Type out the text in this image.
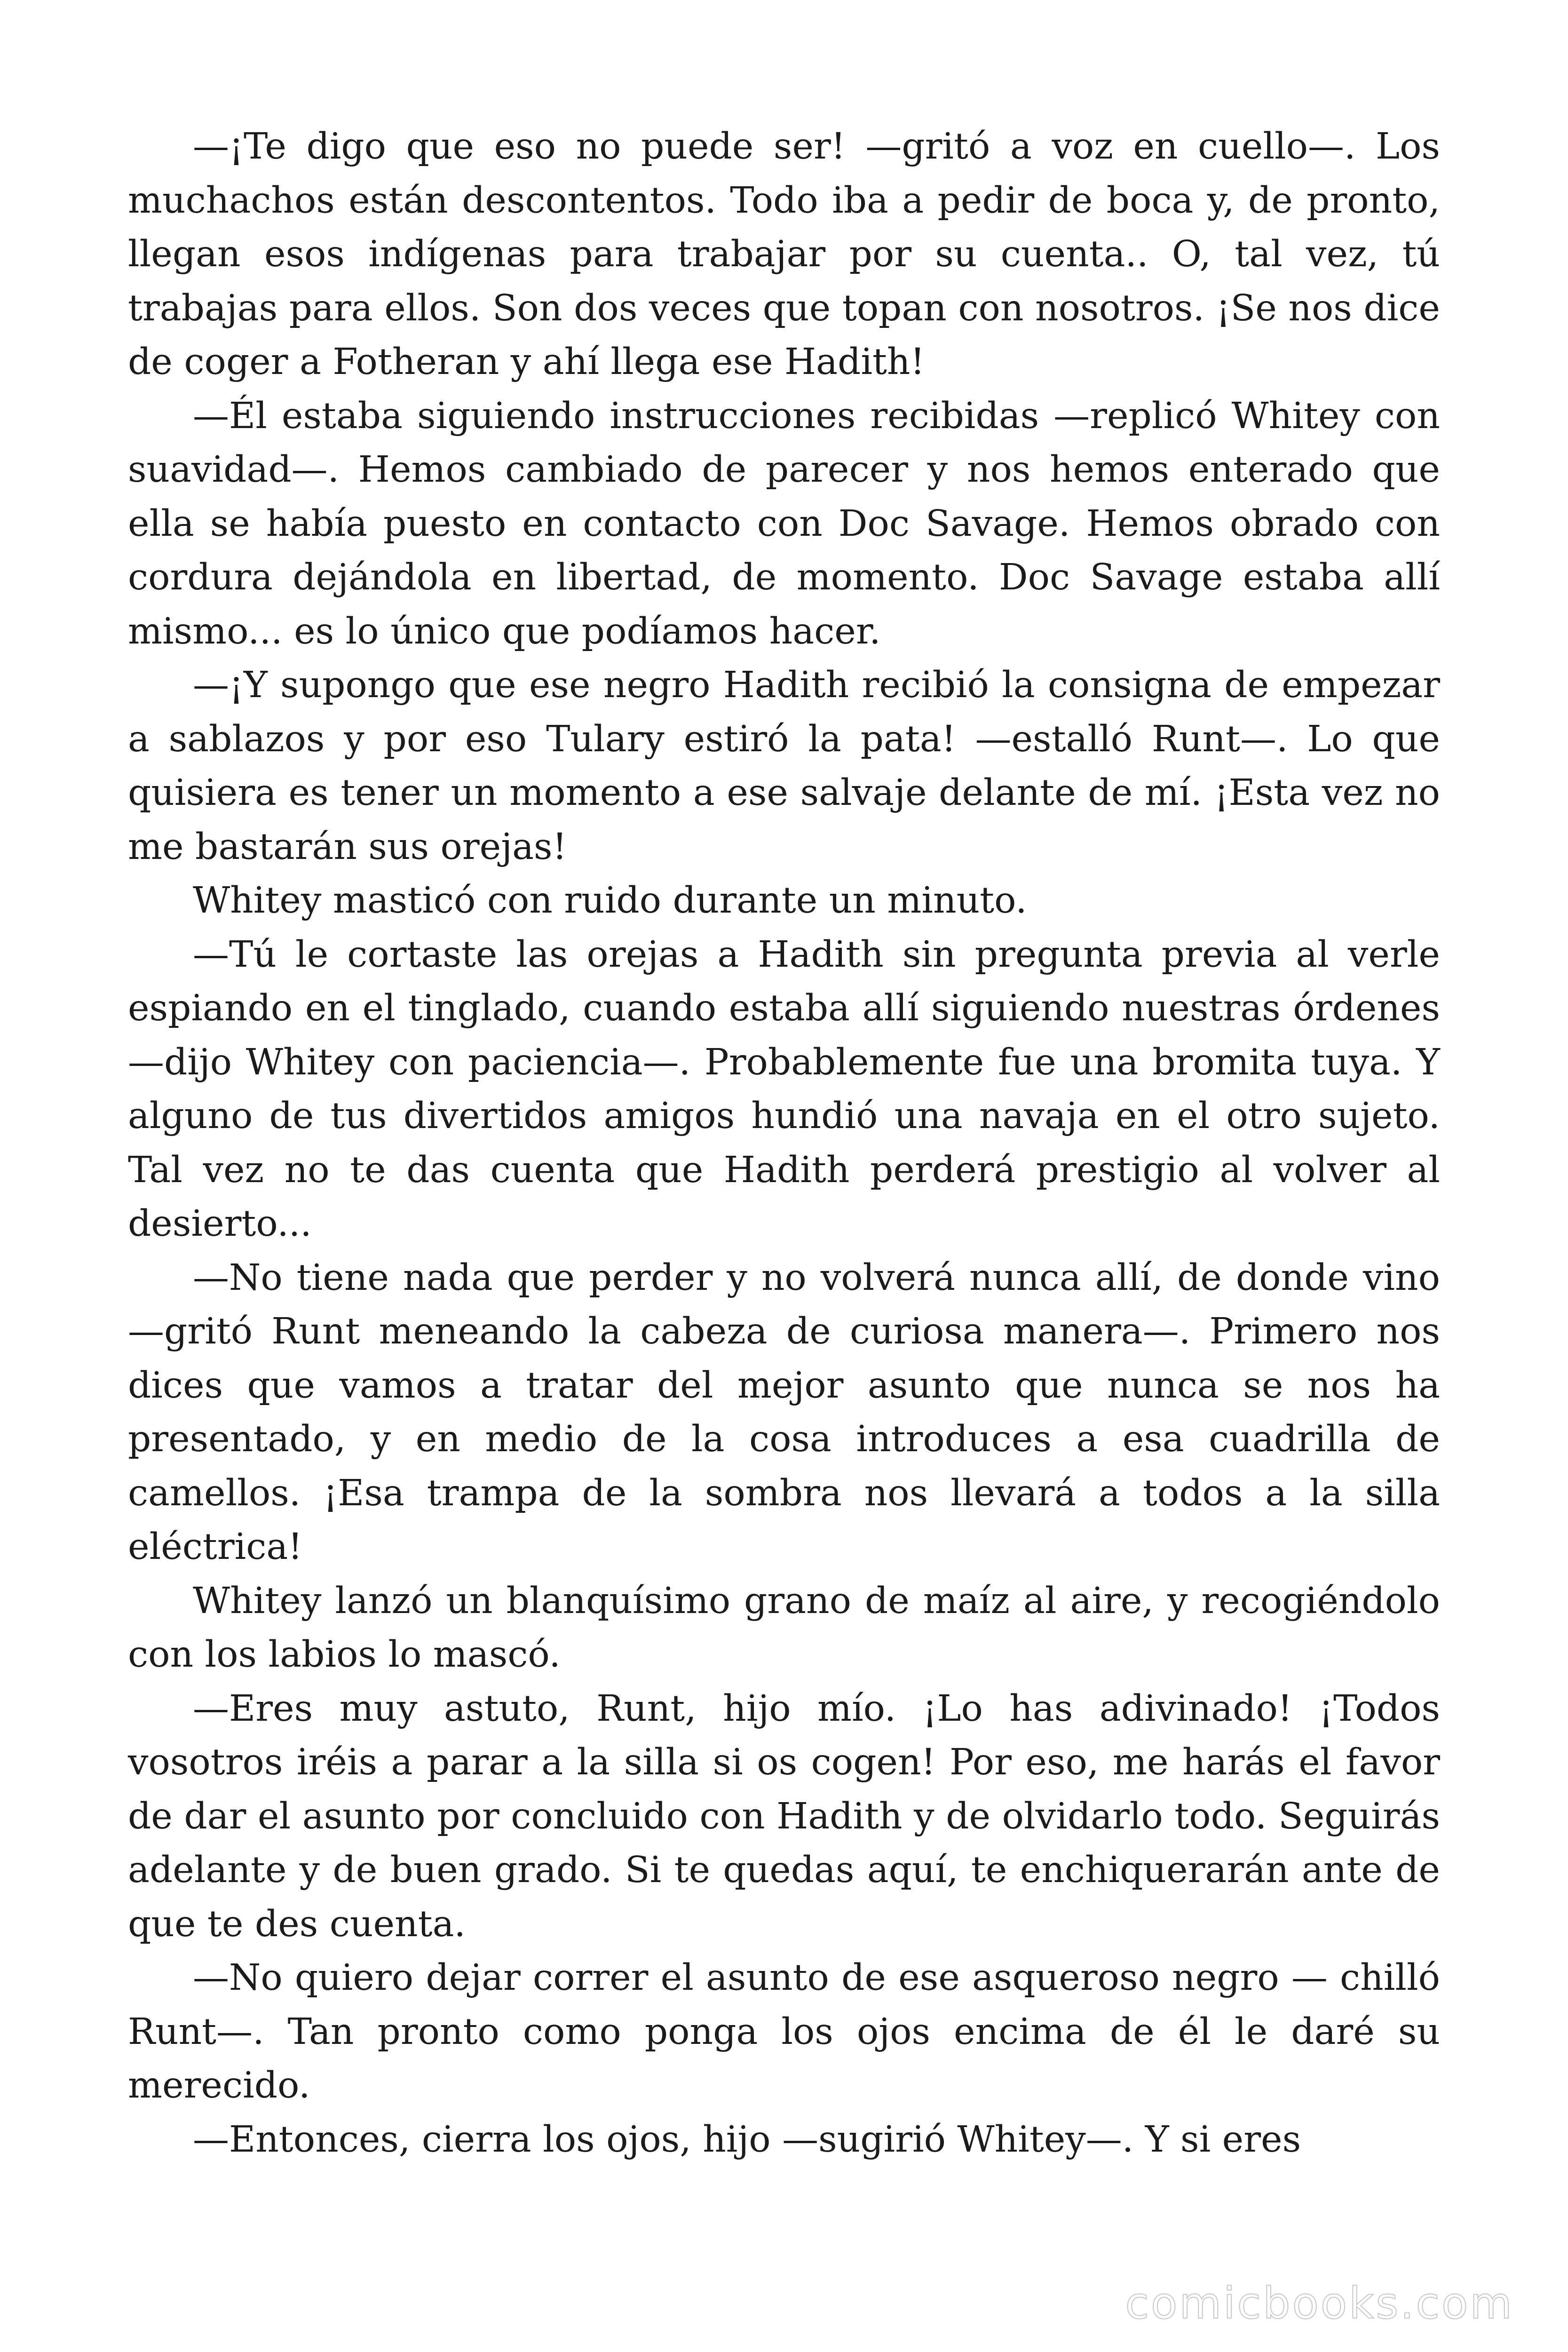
—¡Te digo que eso no puede ser! —gritó a voz en cuello—. Los muchachos están descontentos. Todo iba a pedir de boca y, de pronto, llegan esos indígenas para trabajar por su cuenta.. O, tal vez, tú trabajas para ellos. Son dos veces que topan con nosotros. ¡Se nos dice de coger a Fotheran y ahí llega ese Hadith!

—Él estaba siguiendo instrucciones recibidas —replicó Whitey con suavidad—. Hemos cambiado de parecer y nos hemos enterado que ella se había puesto en contacto con Doc Savage. Hemos obrado con cordura dejándola en libertad, de momento. Doc Savage estaba allí mismo... es lo único que podíamos hacer.

—¡Y supongo que ese negro Hadith recibió la consigna de empezar a sablazos y por eso Tulary estiró la pata! —estalló Runt—. Lo que quisiera es tener un momento a ese salvaje delante de mí. ¡Esta vez no me bastarán sus orejas!

Whitey masticó con ruido durante un minuto.

—Tú le cortaste las orejas a Hadith sin pregunta previa al verle espiando en el tinglado, cuando estaba allí siguiendo nuestras órdenes —dijo Whitey con paciencia—. Probablemente fue una bromita tuya. Y alguno de tus divertidos amigos hundió una navaja en el otro sujeto. Tal vez no te das cuenta que Hadith perderá prestigio al volver al desierto...

—No tiene nada que perder y no volverá nunca allí, de donde vino —gritó Runt meneando la cabeza de curiosa manera—. Primero nos dices que vamos a tratar del mejor asunto que nunca se nos ha presentado, y en medio de la cosa introduces a esa cuadrilla de camellos. ¡Esa trampa de la sombra nos llevará a todos a la silla eléctrica!

Whitey lanzó un blanquísimo grano de maíz al aire, y recogiéndolo con los labios lo mascó.

—Eres muy astuto, Runt, hijo mío. ¡Lo has adivinado! ¡Todos vosotros iréis a parar a la silla si os cogen! Por eso, me harás el favor de dar el asunto por concluido con Hadith y de olvidarlo todo. Seguirás adelante y de buen grado. Si te quedas aquí, te enchiquerarán ante de que te des cuenta.

—No quiero dejar correr el asunto de ese asqueroso negro — chilló Runt—. Tan pronto como ponga los ojos encima de él le daré su merecido.

—Entonces, cierra los ojos, hijo —sugirió Whitey—. Y si eres

comicbooks.com
